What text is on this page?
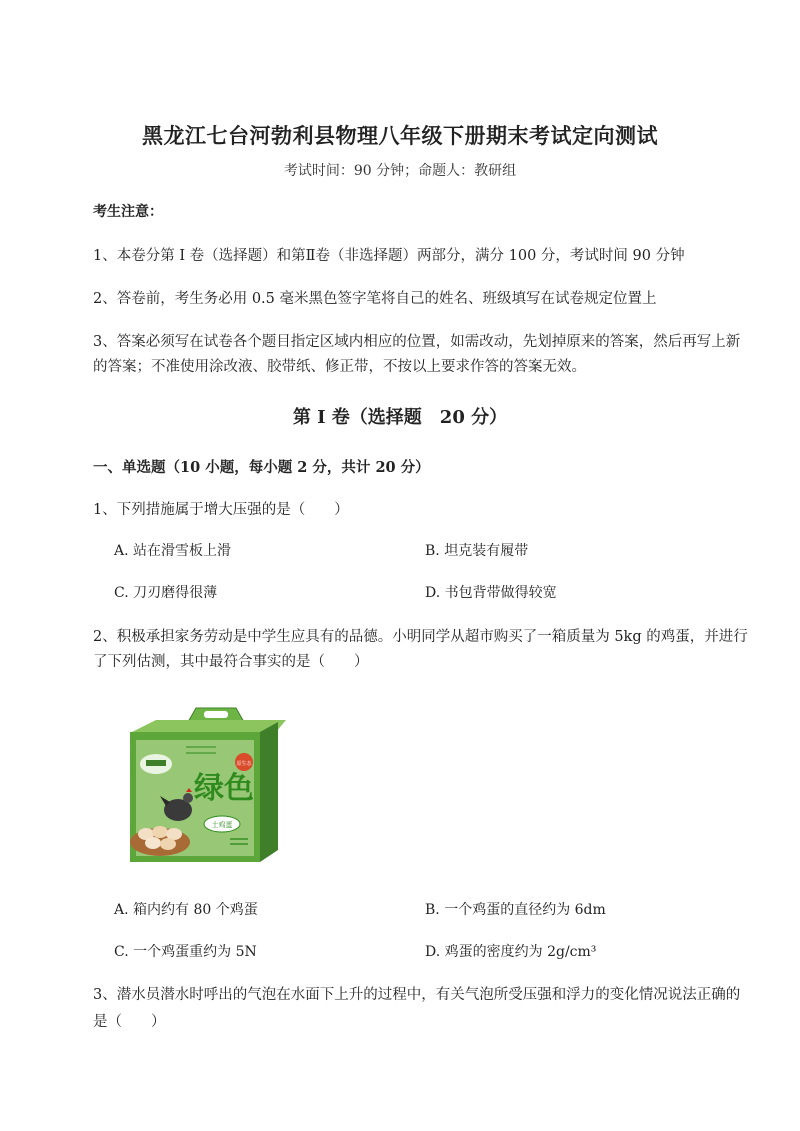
黑龙江七台河勃利县物理八年级下册期末考试定向测试
考试时间：90 分钟；命题人：教研组
考生注意：
1、本卷分第 I 卷（选择题）和第Ⅱ卷（非选择题）两部分，满分 100 分，考试时间 90 分钟
2、答卷前，考生务必用 0.5 毫米黑色签字笔将自己的姓名、班级填写在试卷规定位置上
3、答案必须写在试卷各个题目指定区域内相应的位置，如需改动，先划掉原来的答案，然后再写上新
的答案；不准使用涂改液、胶带纸、修正带，不按以上要求作答的答案无效。
第 I 卷（选择题　20 分）
一、单选题（10 小题，每小题 2 分，共计 20 分）
1、下列措施属于增大压强的是（　　）
A. 站在滑雪板上滑	B. 坦克装有履带
C. 刀刃磨得很薄	D. 书包背带做得较宽
2、积极承担家务劳动是中学生应具有的品德。小明同学从超市购买了一箱质量为 5kg 的鸡蛋，并进行
了下列估测，其中最符合事实的是（　　）
原生态
绿色
土鸡蛋
A. 箱内约有 80 个鸡蛋	B. 一个鸡蛋的直径约为 6dm
C. 一个鸡蛋重约为 5N	D. 鸡蛋的密度约为 2g/cm³
3、潜水员潜水时呼出的气泡在水面下上升的过程中，有关气泡所受压强和浮力的变化情况说法正确的
是（　　）
